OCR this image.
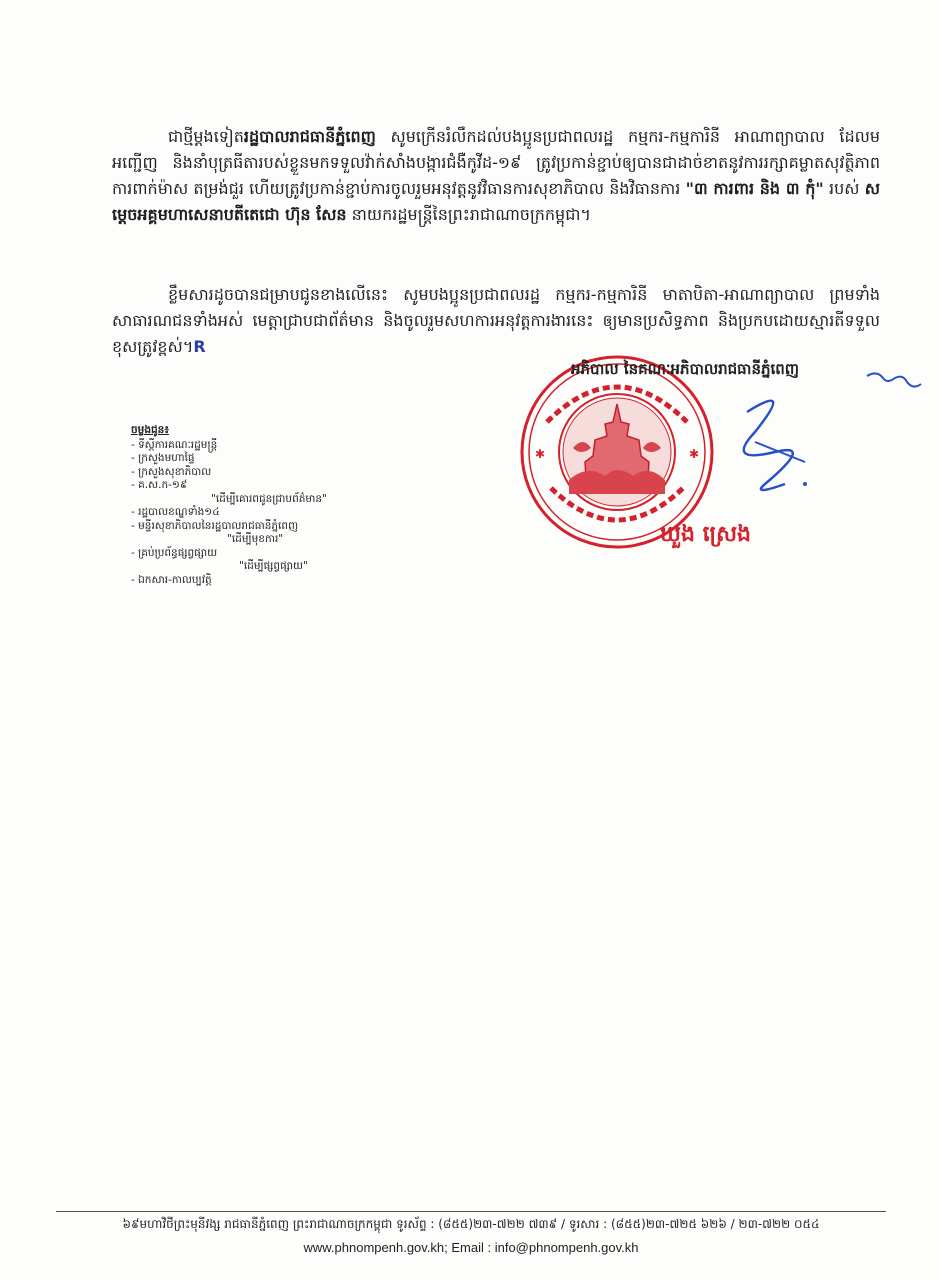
ជាថ្មីម្តងទៀតរដ្ឋបាលរាជធានីភ្នំពេញ សូមក្រើនរំលឹកដល់បងប្អូនប្រជាពលរដ្ឋ កម្មករ-កម្មការិនី អាណាព្យាបាល ដែលមអញ្ជើញ និងនាំបុត្រធីតារបស់ខ្លួនមកទទួលវ៉ាក់សាំងបង្ការជំងឺកូវីដ-១៩ ត្រូវប្រកាន់ខ្ជាប់ឲ្យបានជាដាច់ខាតនូវការរក្សាគម្លាតសុវត្ថិភាព ការពាក់ម៉ាស តម្រង់ជួរ ហើយត្រូវប្រកាន់ខ្ជាប់ការចូលរួមអនុវត្តនូវវិធានការសុខាភិបាល និងវិធានការ "៣ ការពារ និង ៣ កុំ" របស់ សម្តេចអគ្គមហាសេនាបតីតេជោ ហ៊ុន សែន នាយករដ្ឋមន្ត្រីនៃព្រះរាជាណាចក្រកម្ពុជា។

ខ្លឹមសារដូចបានជម្រាបជូនខាងលើនេះ សូមបងប្អូនប្រជាពលរដ្ឋ កម្មករ-កម្មការិនី មាតាបិតា-អាណាព្យាបាល ព្រមទាំងសាធារណជនទាំងអស់ មេត្តាជ្រាបជាព័ត៌មាន និងចូលរួមសហការអនុវត្តការងារនេះ ឲ្យមានប្រសិទ្ធភាព និងប្រកបដោយស្មារតីទទួលខុសត្រូវខ្ពស់។R

✱	✱
អភិបាល នៃគណៈអភិបាលរាជធានីភ្នំពេញ
ឃួង ស្រេង
ចម្លងជូន៖
- ទីស្តីការគណៈរដ្ឋមន្ត្រី
- ក្រសួងមហាផ្ទៃ
- ក្រសួងសុខាភិបាល
- គ.ស.ក-១៩
"ដើម្បីគោរពជូនជ្រាបព័ត៌មាន"
- រដ្ឋបាលខណ្ឌទាំង១៤
- មន្ទីរសុខាភិបាលនៃរដ្ឋបាលរាជធានីភ្នំពេញ
"ដើម្បីមុខការ"
- គ្រប់ប្រព័ន្ធផ្សព្វផ្សាយ
"ដើម្បីផ្សព្វផ្សាយ"
- ឯកសារ-កាលប្បវត្តិ
៦៩មហាវិថីព្រះមុនីវង្ស រាជធានីភ្នំពេញ ព្រះរាជាណាចក្រកម្ពុជា ទូរស័ព្ទ : (៨៥៥)២៣-៧២២ ៧៣៩ / ទូរសារ : (៨៥៥)២៣-៧២៥ ៦២៦ / ២៣-៧២២ ០៥៤
www.phnompenh.gov.kh; Email : info@phnompenh.gov.kh
